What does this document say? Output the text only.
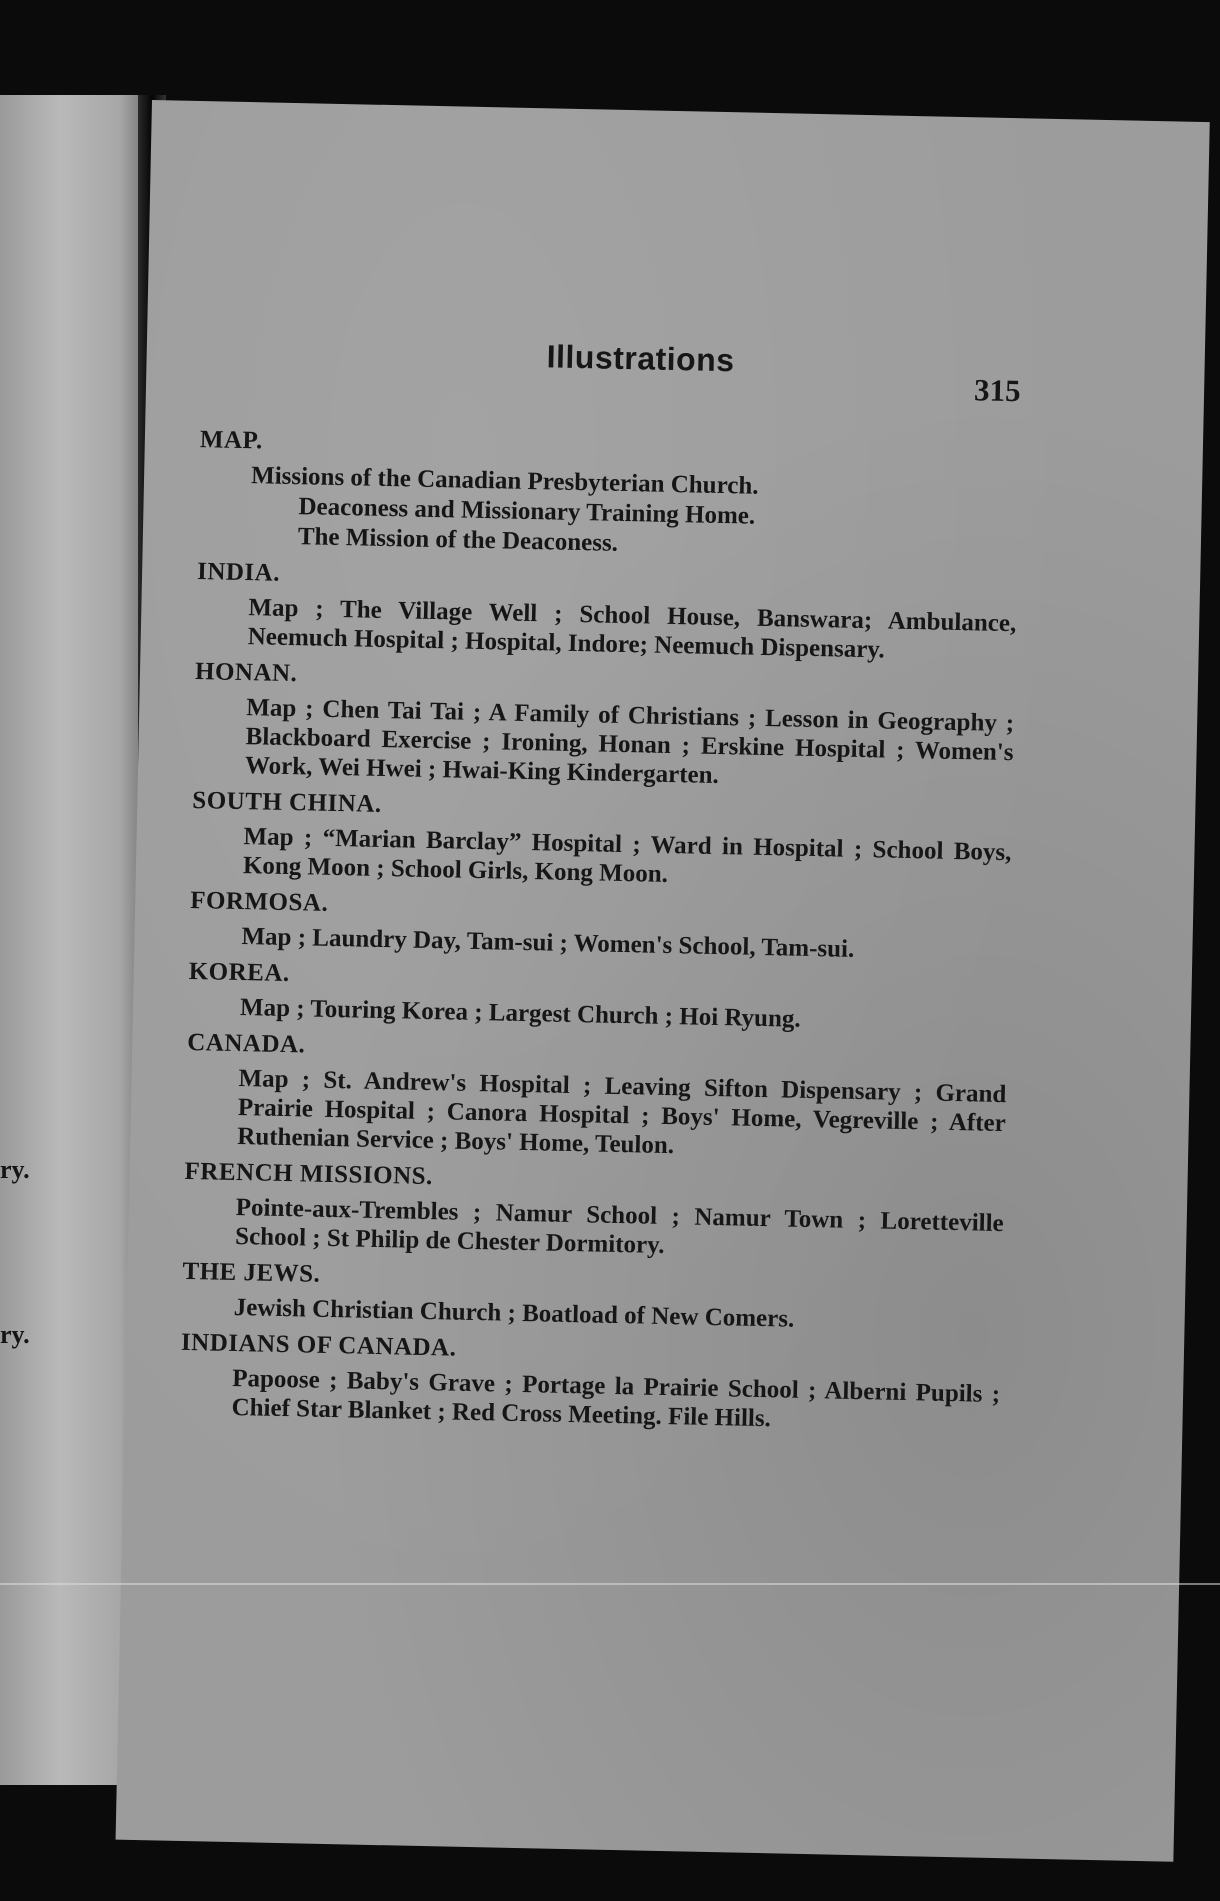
ry.
ry.
Illustrations
315
MAP.
Missions of the Canadian Presbyterian Church.
Deaconess and Missionary Training Home.
The Mission of the Deaconess.
INDIA.
Map ; The Village Well ; School House, Banswara; Ambulance, Neemuch Hospital ; Hospital, Indore; Neemuch Dispensary.
HONAN.
Map ; Chen Tai Tai ; A Family of Christians ; Lesson in Geography ; Blackboard Exercise ; Ironing, Honan ; Erskine Hospital ; Women's Work, Wei Hwei ; Hwai-King Kindergarten.
SOUTH CHINA.
Map ; “Marian Barclay” Hospital ; Ward in Hospital ; School Boys, Kong Moon ; School Girls, Kong Moon.
FORMOSA.
Map ; Laundry Day, Tam-sui ; Women's School, Tam-sui.
KOREA.
Map ; Touring Korea ; Largest Church ; Hoi Ryung.
CANADA.
Map ; St. Andrew's Hospital ; Leaving Sifton Dispensary ; Grand Prairie Hospital ; Canora Hospital ; Boys' Home, Vegreville ; After Ruthenian Service ; Boys' Home, Teulon.
FRENCH MISSIONS.
Pointe-aux-Trembles ; Namur School ; Namur Town ; Loretteville School ; St Philip de Chester Dormitory.
THE JEWS.
Jewish Christian Church ; Boatload of New Comers.
INDIANS OF CANADA.
Papoose ; Baby's Grave ; Portage la Prairie School ; Alberni Pupils ; Chief Star Blanket ; Red Cross Meeting. File Hills.
